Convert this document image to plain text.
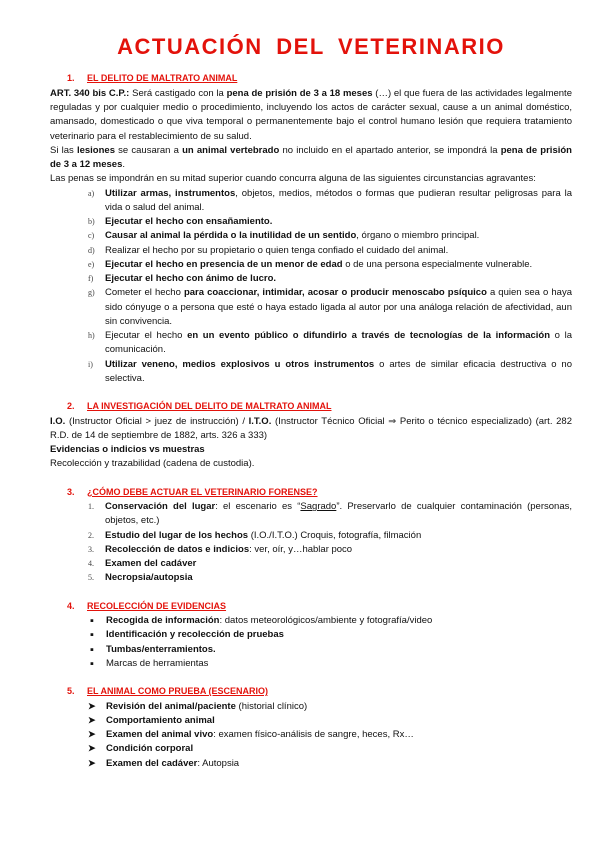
ACTUACIÓN DEL VETERINARIO
1. EL DELITO DE MALTRATO ANIMAL

ART. 340 bis C.P.: Será castigado con la pena de prisión de 3 a 18 meses (…) el que fuera de las actividades legalmente reguladas y por cualquier medio o procedimiento, incluyendo los actos de carácter sexual, cause a un animal doméstico, amansado, domesticado o que viva temporal o permanentemente bajo el control humano lesión que requiera tratamiento veterinario para el restablecimiento de su salud.

Si las lesiones se causaran a un animal vertebrado no incluido en el apartado anterior, se impondrá la pena de prisión de 3 a 12 meses.

Las penas se impondrán en su mitad superior cuando concurra alguna de las siguientes circunstancias agravantes:

a) Utilizar armas, instrumentos, objetos, medios, métodos o formas que pudieran resultar peligrosas para la vida o salud del animal.
b) Ejecutar el hecho con ensañamiento.
c) Causar al animal la pérdida o la inutilidad de un sentido, órgano o miembro principal.
d) Realizar el hecho por su propietario o quien tenga confiado el cuidado del animal.
e) Ejecutar el hecho en presencia de un menor de edad o de una persona especialmente vulnerable.
f) Ejecutar el hecho con ánimo de lucro.
g) Cometer el hecho para coaccionar, intimidar, acosar o producir menoscabo psíquico a quien sea o haya sido cónyuge o a persona que esté o haya estado ligada al autor por una análoga relación de afectividad, aun sin convivencia.
h) Ejecutar el hecho en un evento público o difundirlo a través de tecnologías de la información o la comunicación.
i) Utilizar veneno, medios explosivos u otros instrumentos o artes de similar eficacia destructiva o no selectiva.
2. LA INVESTIGACIÓN DEL DELITO DE MALTRATO ANIMAL

I.O. (Instructor Oficial > juez de instrucción) / I.T.O. (Instructor Técnico Oficial ⇒ Perito o técnico especializado) (art. 282 R.D. de 14 de septiembre de 1882, arts. 326 a 333)

Evidencias o indicios vs muestras

Recolección y trazabilidad (cadena de custodia).

3. ¿CÓMO DEBE ACTUAR EL VETERINARIO FORENSE?
1. Conservación del lugar: el escenario es “Sagrado”. Preservarlo de cualquier contaminación (personas, objetos, etc.)
2. Estudio del lugar de los hechos (I.O./I.T.O.) Croquis, fotografía, filmación
3. Recolección de datos e indicios: ver, oír, y…hablar poco
4. Examen del cadáver
5. Necropsia/autopsia
4. RECOLECCIÓN DE EVIDENCIAS
▪ Recogida de información: datos meteorológicos/ambiente y fotografía/video
▪ Identificación y recolección de pruebas
▪ Tumbas/enterramientos.
▪ Marcas de herramientas
5. EL ANIMAL COMO PRUEBA (ESCENARIO)
➤ Revisión del animal/paciente (historial clínico)
➤ Comportamiento animal
➤ Examen del animal vivo: examen físico-análisis de sangre, heces, Rx…
➤ Condición corporal
➤ Examen del cadáver: Autopsia
